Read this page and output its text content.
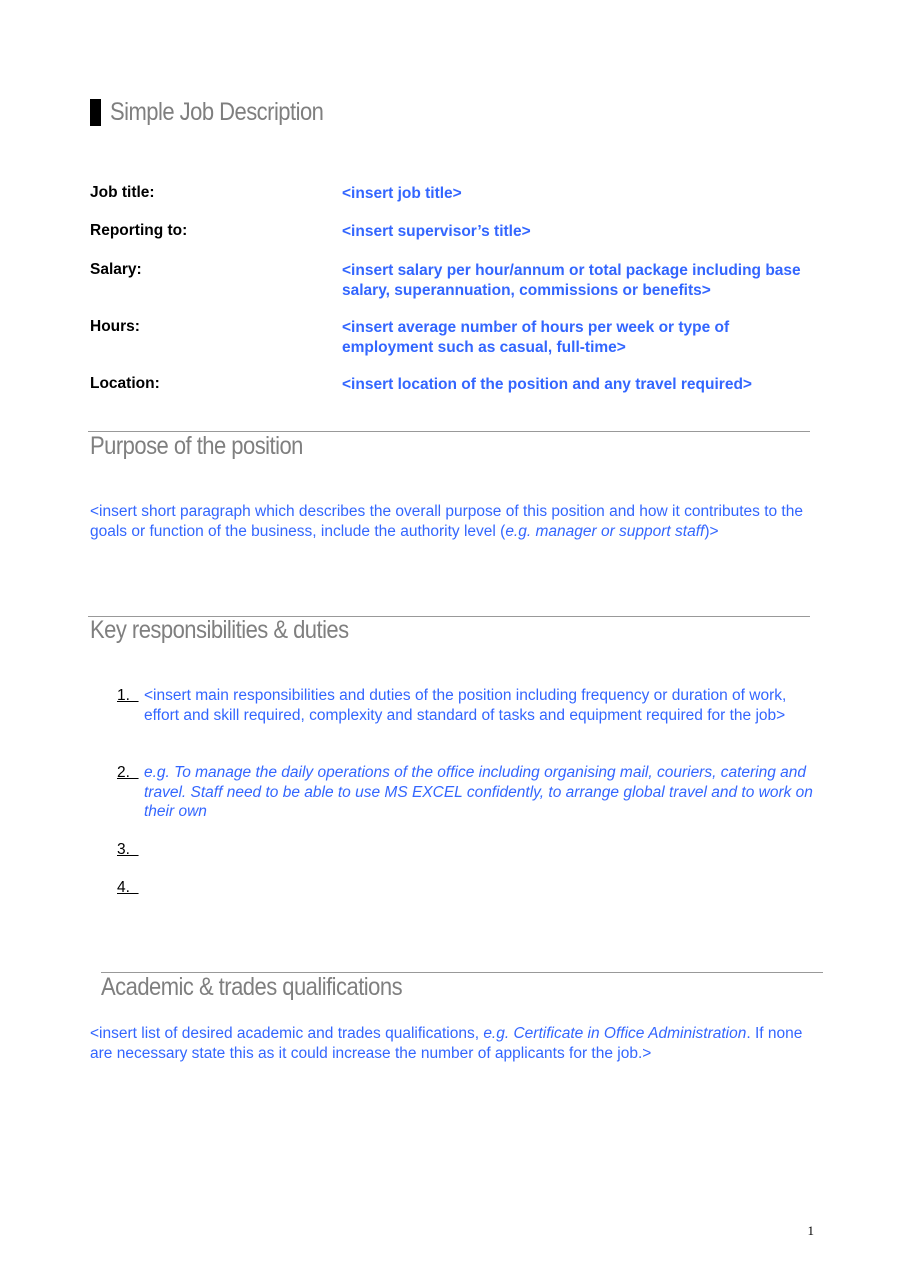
Simple Job Description
Job title:	<insert job title>
Reporting to:	<insert supervisor’s title>
Salary:	<insert salary per hour/annum or total package including base salary, superannuation, commissions or benefits>
Hours:	<insert average number of hours per week or type of employment such as casual, full-time>
Location:	<insert location of the position and any travel required>
Purpose of the position
<insert short paragraph which describes the overall purpose of this position and how it contributes to the goals or function of the business, include the authority level (e.g. manager or support staff)>
Key responsibilities & duties
1. <insert main responsibilities and duties of the position including frequency or duration of work, effort and skill required, complexity and standard of tasks and equipment required for the job>
2. e.g. To manage the daily operations of the office including organising mail, couriers, catering and travel. Staff need to be able to use MS EXCEL confidently, to arrange global travel and to work on their own
3.
4.
Academic & trades qualifications
<insert list of desired academic and trades qualifications, e.g. Certificate in Office Administration. If none are necessary state this as it could increase the number of applicants for the job.>
1
